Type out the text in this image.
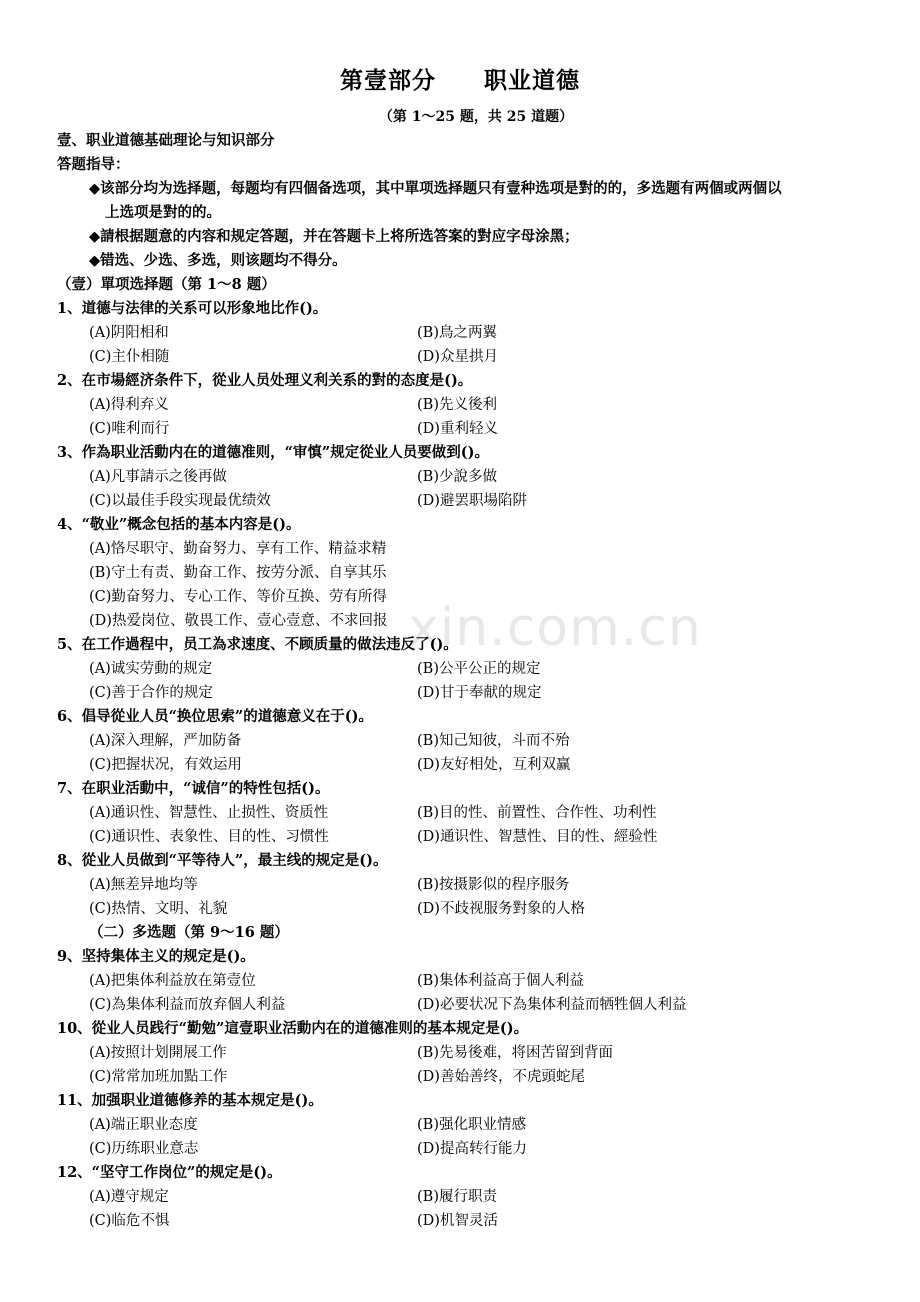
xin.com.cn
第壹部分 职业道德
（第 1～25 题，共 25 道题）
壹、职业道德基础理论与知识部分
答题指导：
◆该部分均为选择题，每题均有四個备选项，其中單项选择题只有壹种选项是對的的，多选题有两個或两個以
上选项是對的的。
◆請根据题意的内容和规定答题，并在答题卡上将所选答案的對应字母涂黑；
◆错选、少选、多选，则该题均不得分。
（壹）單项选择题（第 1～8 题）
1、道德与法律的关系可以形象地比作()。
(A)阴阳相和	(B)鳥之两翼
(C)主仆相随	(D)众星拱月
2、在市場經济条件下，從业人员处理义利关系的對的态度是()。
(A)得利弃义	(B)先义後利
(C)唯利而行	(D)重利轻义
3、作為职业活動内在的道德准则，“审慎”规定從业人员要做到()。
(A)凡事請示之後再做	(B)少說多做
(C)以最佳手段实现最优绩效	(D)避罢职場陷阱
4、“敬业”概念包括的基本内容是()。
(A)恪尽职守、勤奋努力、享有工作、精益求精
(B)守土有责、勤奋工作、按劳分派、自享其乐
(C)勤奋努力、专心工作、等价互换、劳有所得
(D)热爱岗位、敬畏工作、壹心壹意、不求回报
5、在工作過程中，员工為求速度、不顾质量的做法违反了()。
(A)诚实劳動的规定	(B)公平公正的规定
(C)善于合作的规定	(D)甘于奉献的规定
6、倡导從业人员“换位思索”的道德意义在于()。
(A)深入理解，严加防备	(B)知己知彼，斗而不殆
(C)把握状况，有效运用	(D)友好相处，互利双赢
7、在职业活動中，“诚信”的特性包括()。
(A)通识性、智慧性、止损性、资质性	(B)目的性、前置性、合作性、功利性
(C)通识性、表象性、目的性、习惯性	(D)通识性、智慧性、目的性、經验性
8、從业人员做到“平等待人”，最主线的规定是()。
(A)無差异地均等	(B)按摄影似的程序服务
(C)热情、文明、礼貌	(D)不歧视服务對象的人格
（二）多选题（第 9～16 题）
9、坚持集体主义的规定是()。
(A)把集体利益放在第壹位	(B)集体利益高于個人利益
(C)為集体利益而放弃個人利益	(D)必要状况下為集体利益而牺牲個人利益
10、從业人员践行“勤勉”這壹职业活動内在的道德准则的基本规定是()。
(A)按照计划開展工作	(B)先易後难，将困苦留到背面
(C)常常加班加點工作	(D)善始善终，不虎頭蛇尾
11、加强职业道德修养的基本规定是()。
(A)端正职业态度	(B)强化职业情感
(C)历练职业意志	(D)提高转行能力
12、“坚守工作岗位”的规定是()。
(A)遵守规定	(B)履行职责
(C)临危不惧	(D)机智灵活
